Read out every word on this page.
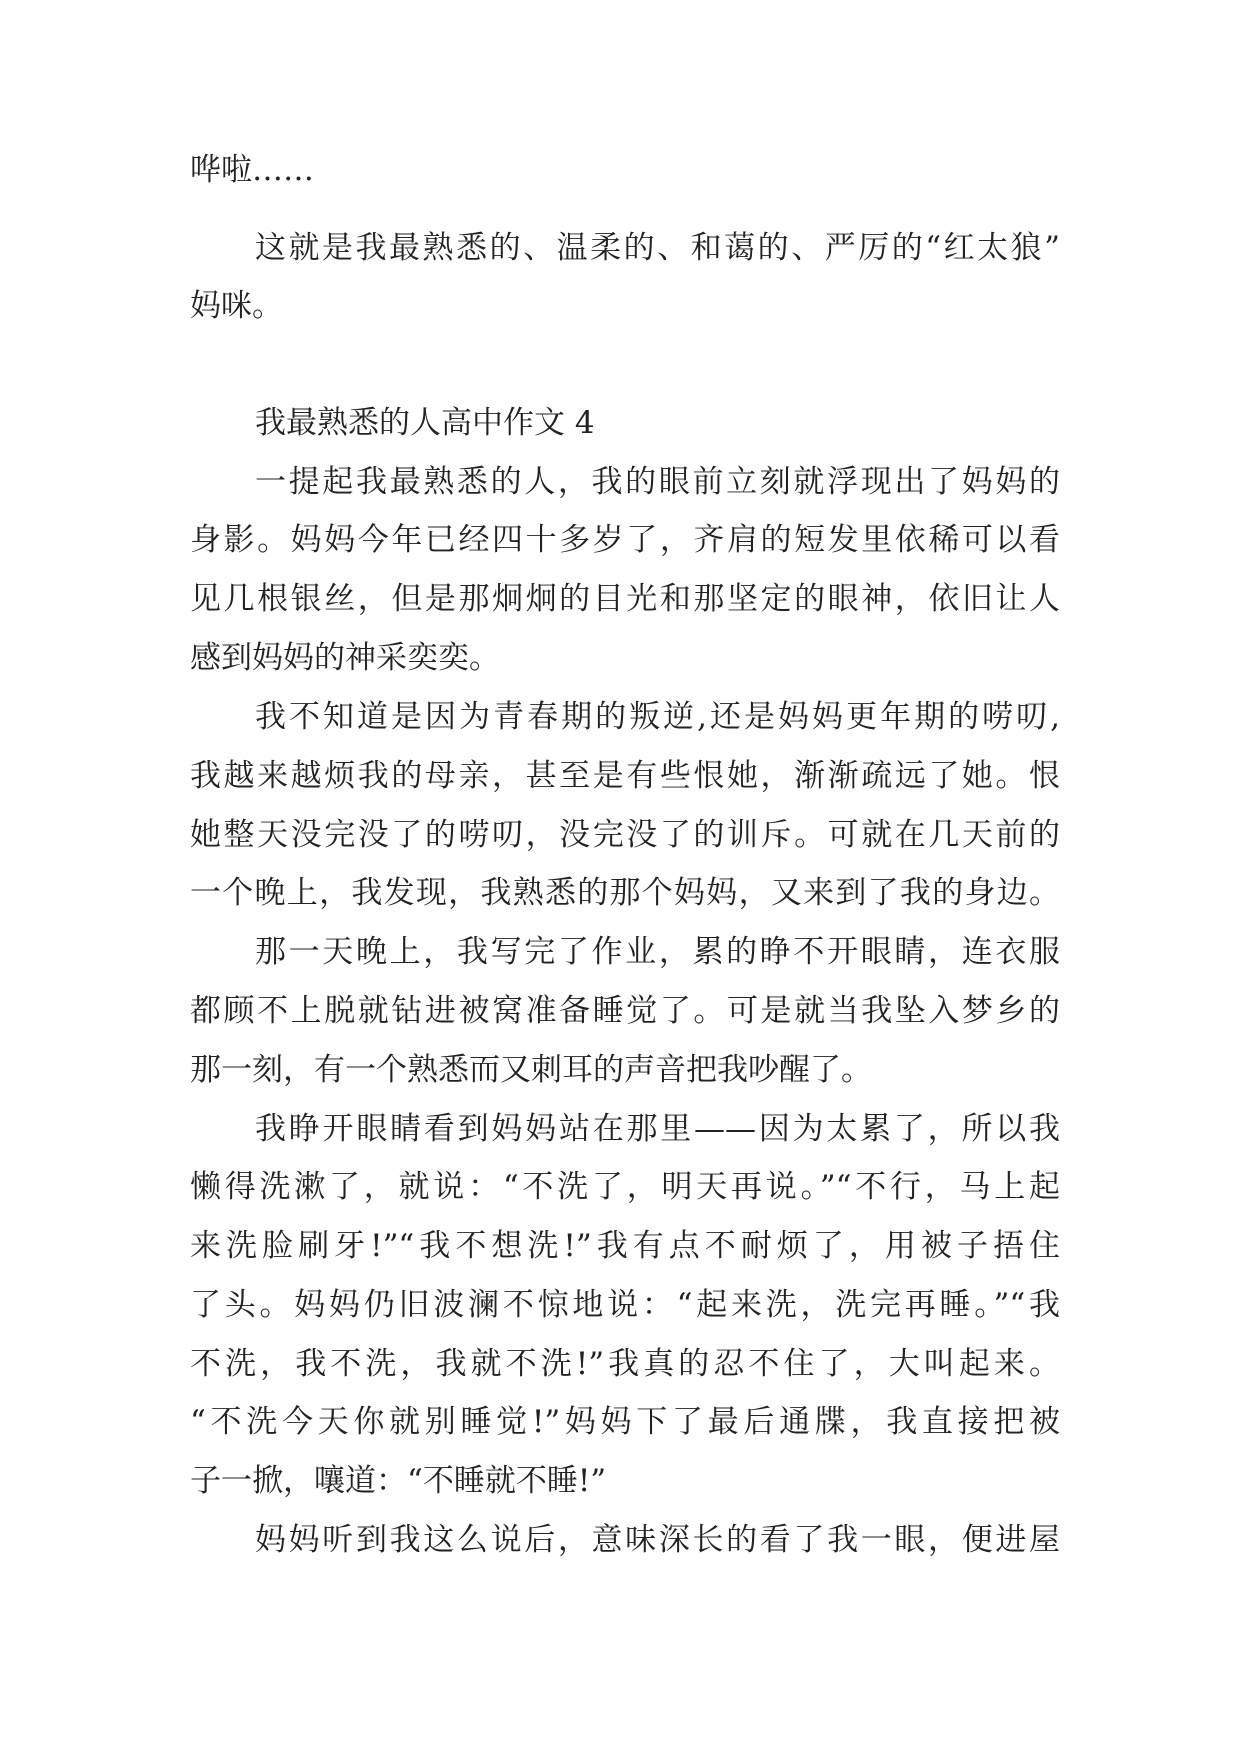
哗啦……
这就是我最熟悉的、温柔的、和蔼的、严厉的“红太狼”
妈咪。
我最熟悉的人高中作文 4
一提起我最熟悉的人，我的眼前立刻就浮现出了妈妈的
身影。妈妈今年已经四十多岁了，齐肩的短发里依稀可以看
见几根银丝，但是那炯炯的目光和那坚定的眼神，依旧让人
感到妈妈的神采奕奕。
我不知道是因为青春期的叛逆,还是妈妈更年期的唠叨,
我越来越烦我的母亲，甚至是有些恨她，渐渐疏远了她。恨
她整天没完没了的唠叨，没完没了的训斥。可就在几天前的
一个晚上，我发现，我熟悉的那个妈妈，又来到了我的身边。
那一天晚上，我写完了作业，累的睁不开眼睛，连衣服
都顾不上脱就钻进被窝准备睡觉了。可是就当我坠入梦乡的
那一刻，有一个熟悉而又刺耳的声音把我吵醒了。
我睁开眼睛看到妈妈站在那里——因为太累了，所以我
懒得洗漱了，就说：“不洗了，明天再说。”“不行，马上起
来洗脸刷牙!”“我不想洗!”我有点不耐烦了，用被子捂住
了头。妈妈仍旧波澜不惊地说：“起来洗，洗完再睡。”“我
不洗，我不洗，我就不洗!”我真的忍不住了，大叫起来。
“不洗今天你就别睡觉!”妈妈下了最后通牒，我直接把被
子一掀，嚷道：“不睡就不睡!”
妈妈听到我这么说后，意味深长的看了我一眼，便进屋
